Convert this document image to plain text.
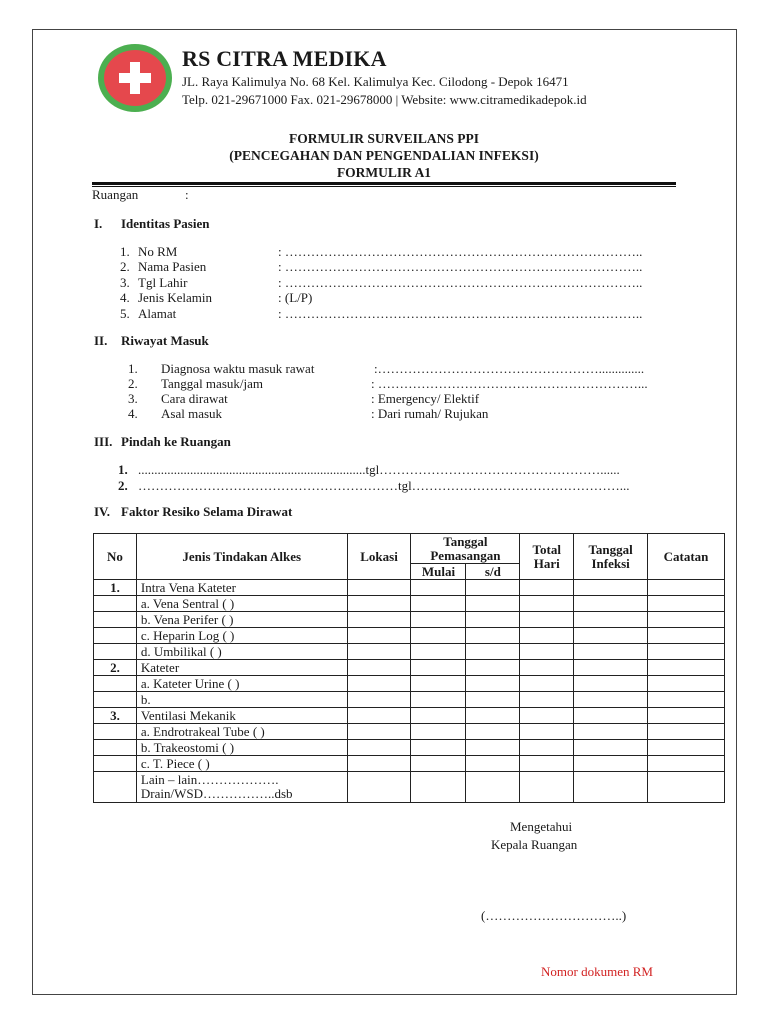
RS CITRA MEDIKA
JL. Raya Kalimulya No. 68 Kel. Kalimulya Kec. Cilodong - Depok 16471
Telp. 021-29671000 Fax. 021-29678000 | Website: www.citramedikadepok.id
FORMULIR SURVEILANS PPI
(PENCEGAHAN DAN PENGENDALIAN INFEKSI)
FORMULIR A1
Ruangan	:
I. Identitas Pasien
1. No RM	: ………………………………………………………………………..
2. Nama Pasien	: ………………………………………………………………………..
3. Tgl Lahir	: ………………………………………………………………………..
4. Jenis Kelamin	: (L/P)
5. Alamat	: ………………………………………………………………………..
II. Riwayat Masuk
1. Diagnosa waktu masuk rawat	:……………………………………………..............
2. Tanggal masuk/jam	: ……………………………………………………...
3. Cara dirawat	: Emergency/ Elektif
4. Asal masuk	: Dari rumah/ Rujukan
III. Pindah ke Ruangan
1. ......................................................................tgl……………………………………………......
2. ……………………………………………………tgl…………………………………………...
IV. Faktor Resiko Selama Dirawat
No	Jenis Tindakan Alkes	Lokasi	Tanggal Pemasangan		Total Hari	Tanggal Infeksi	Catatan
			Mulai	s/d			
1.	Intra Vena Kateter						
	a. Vena Sentral ( )						
	b. Vena Perifer ( )						
	c. Heparin Log ( )						
	d. Umbilikal ( )						
2.	Kateter						
	a. Kateter Urine ( )						
	b.						
3.	Ventilasi Mekanik						
	a. Endrotrakeal Tube ( )						
	b. Trakeostomi ( )						
	c. T. Piece ( )						

	Lain – lain……………….
Drain/WSD……………..dsb						

Mengetahui
Kepala Ruangan
(…………………………..)
Nomor dokumen RM
